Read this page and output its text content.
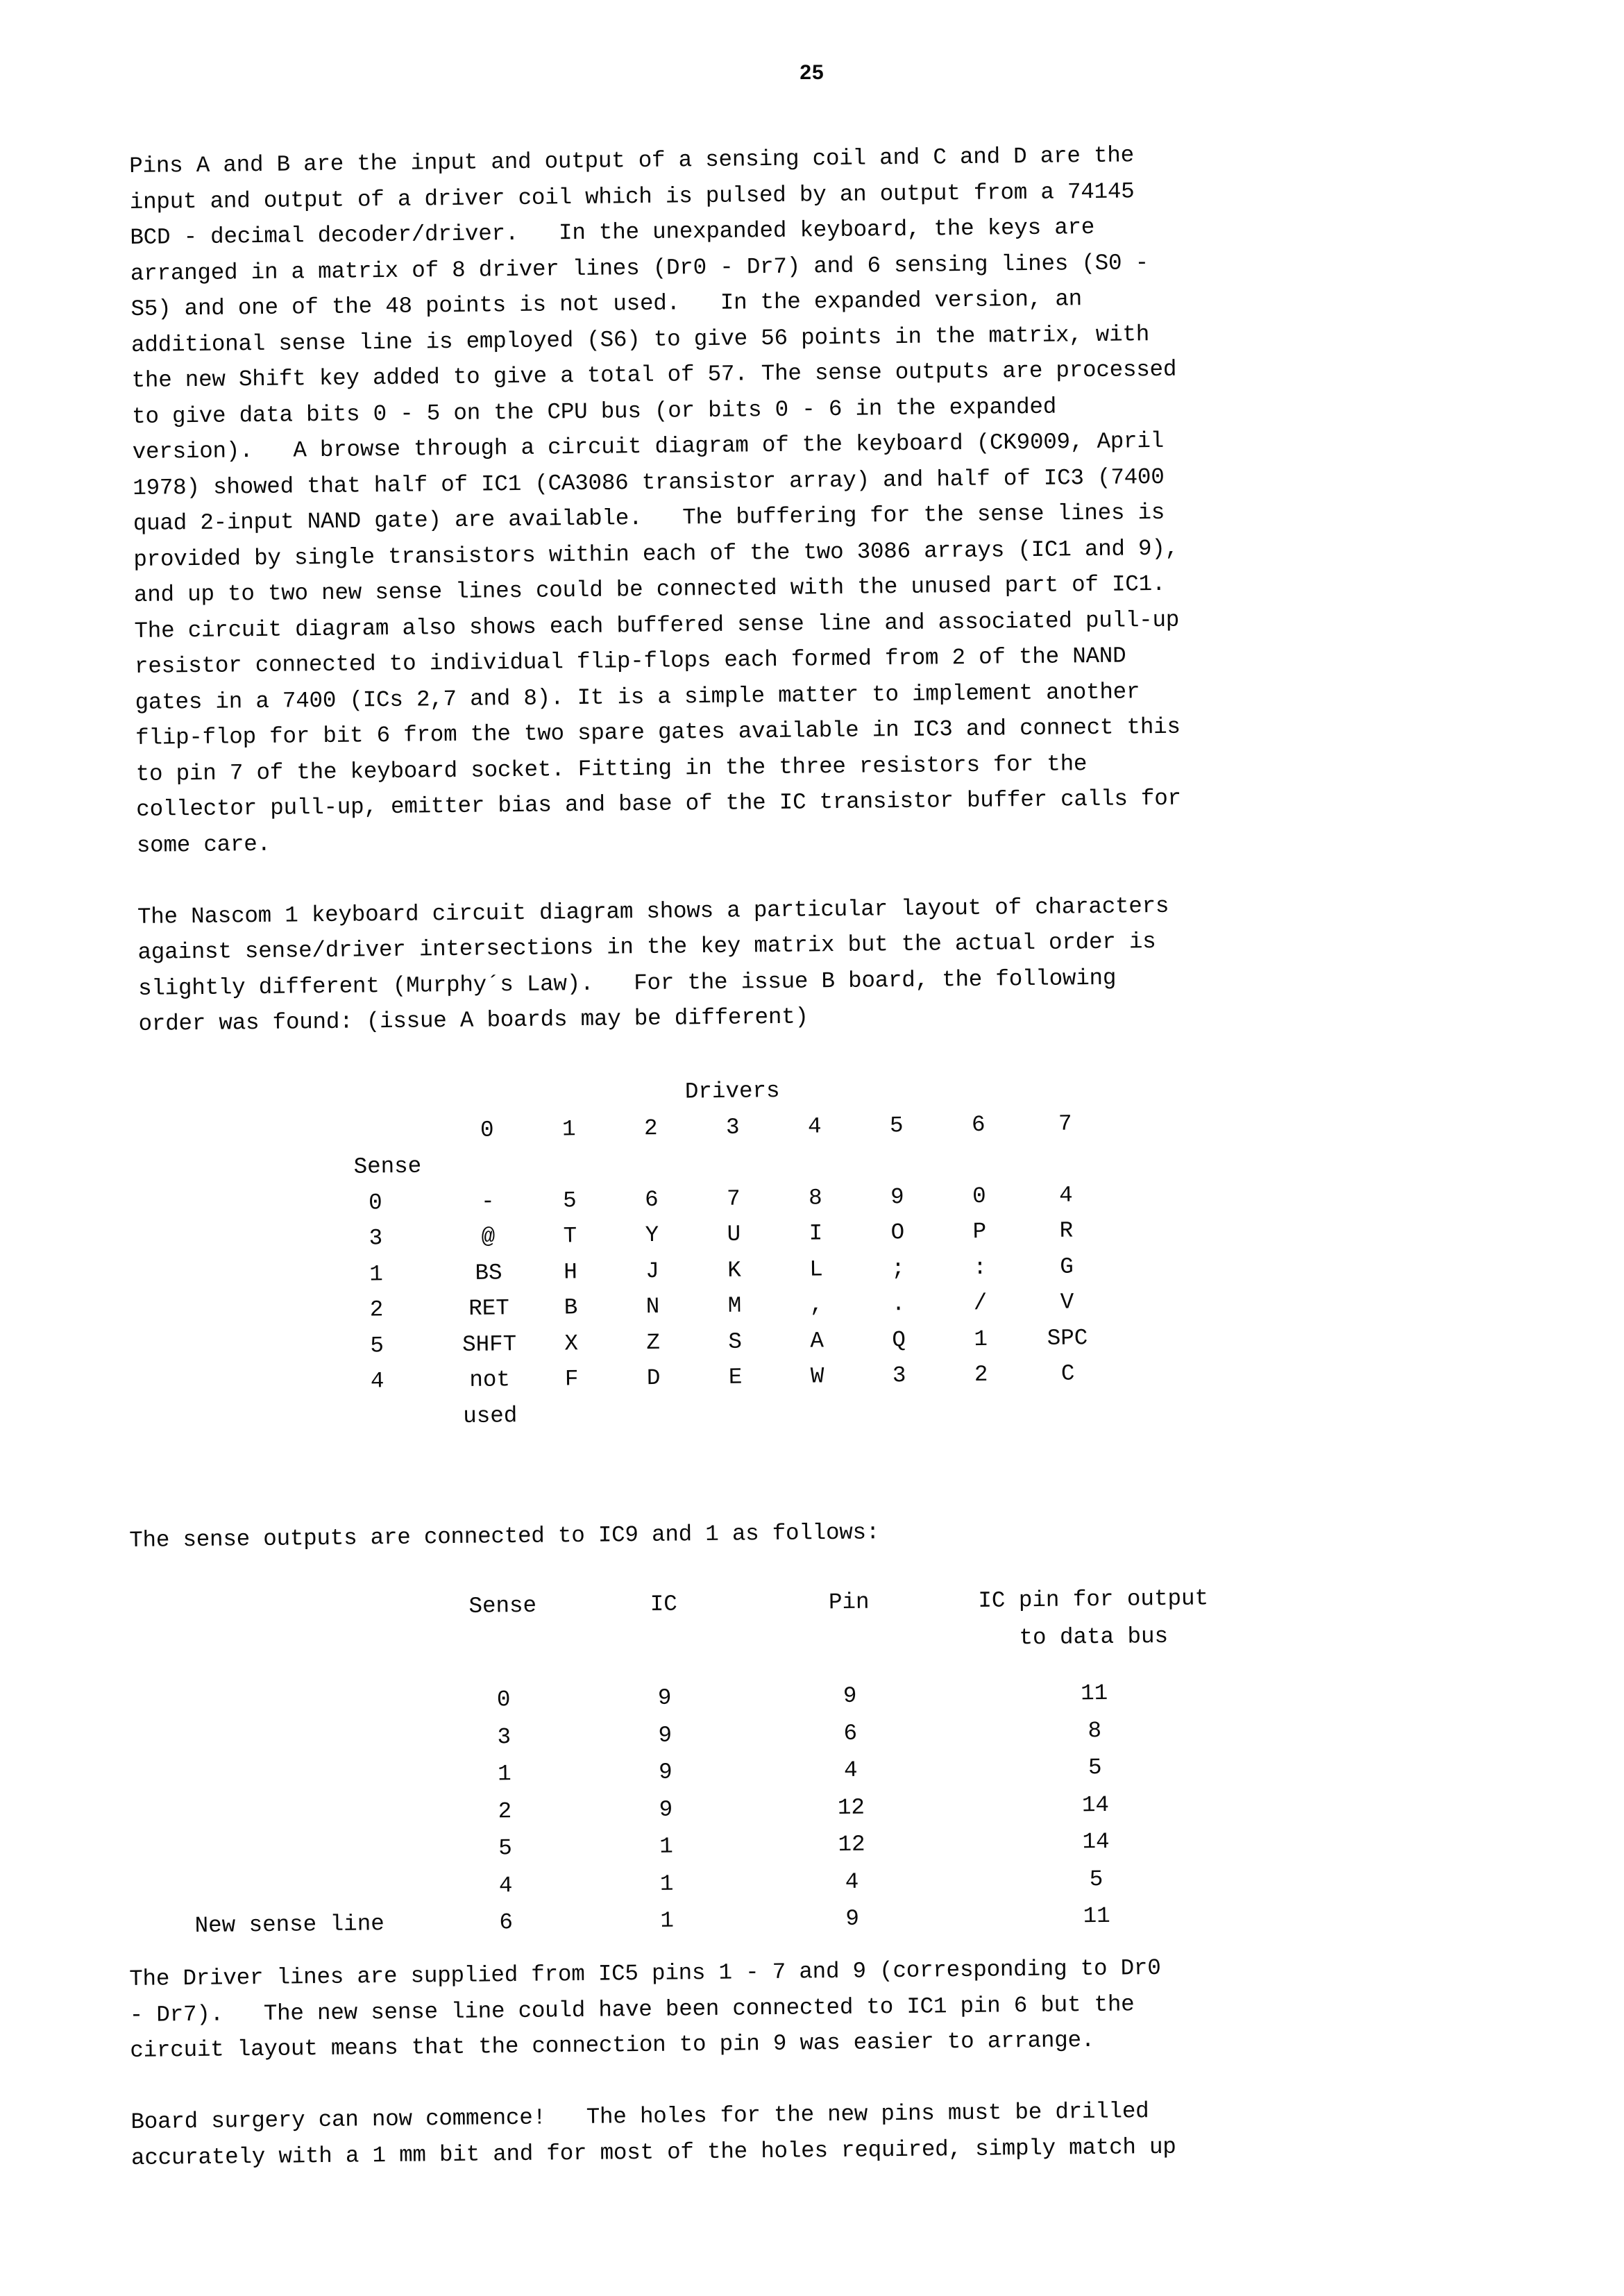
25

Pins A and B are the input and output of a sensing coil and C and D are the
input and output of a driver coil which is pulsed by an output from a 74145
BCD - decimal decoder/driver.   In the unexpanded keyboard, the keys are
arranged in a matrix of 8 driver lines (Dr0 - Dr7) and 6 sensing lines (S0 -
S5) and one of the 48 points is not used.   In the expanded version, an
additional sense line is employed (S6) to give 56 points in the matrix, with
the new Shift key added to give a total of 57. The sense outputs are processed
to give data bits 0 - 5 on the CPU bus (or bits 0 - 6 in the expanded
version).   A browse through a circuit diagram of the keyboard (CK9009, April
1978) showed that half of IC1 (CA3086 transistor array) and half of IC3 (7400
quad 2-input NAND gate) are available.   The buffering for the sense lines is
provided by single transistors within each of the two 3086 arrays (IC1 and 9),
and up to two new sense lines could be connected with the unused part of IC1.
The circuit diagram also shows each buffered sense line and associated pull-up
resistor connected to individual flip-flops each formed from 2 of the NAND
gates in a 7400 (ICs 2,7 and 8). It is a simple matter to implement another
flip-flop for bit 6 from the two spare gates available in IC3 and connect this
to pin 7 of the keyboard socket. Fitting in the three resistors for the
collector pull-up, emitter bias and base of the IC transistor buffer calls for
some care.

The Nascom 1 keyboard circuit diagram shows a particular layout of characters
against sense/driver intersections in the key matrix but the actual order is
slightly different (Murphy´s Law).   For the issue B board, the following
order was found: (issue A boards may be different)

			Drivers					
	0	1	2	3	4	5	6	7
Sense								
0	-	5	6	7	8	9	0	4
3	@	T	Y	U	I	O	P	R
1	BS	H	J	K	L	;	:	G
2	RET	B	N	M	,	.	/	V
5	SHFT	X	Z	S	A	Q	1	SPC
4	not	F	D	E	W	3	2	C
	used							

The sense outputs are connected to IC9 and 1 as follows:

	Sense	IC	Pin	IC pin for output
				to data bus

	0	9	9	11
	3	9	6	8
	1	9	4	5
	2	9	12	14
	5	1	12	14
	4	1	4	5
New sense line	6	1	9	11

The Driver lines are supplied from IC5 pins 1 - 7 and 9 (corresponding to Dr0
- Dr7).   The new sense line could have been connected to IC1 pin 6 but the
circuit layout means that the connection to pin 9 was easier to arrange.

Board surgery can now commence!   The holes for the new pins must be drilled
accurately with a 1 mm bit and for most of the holes required, simply match up
